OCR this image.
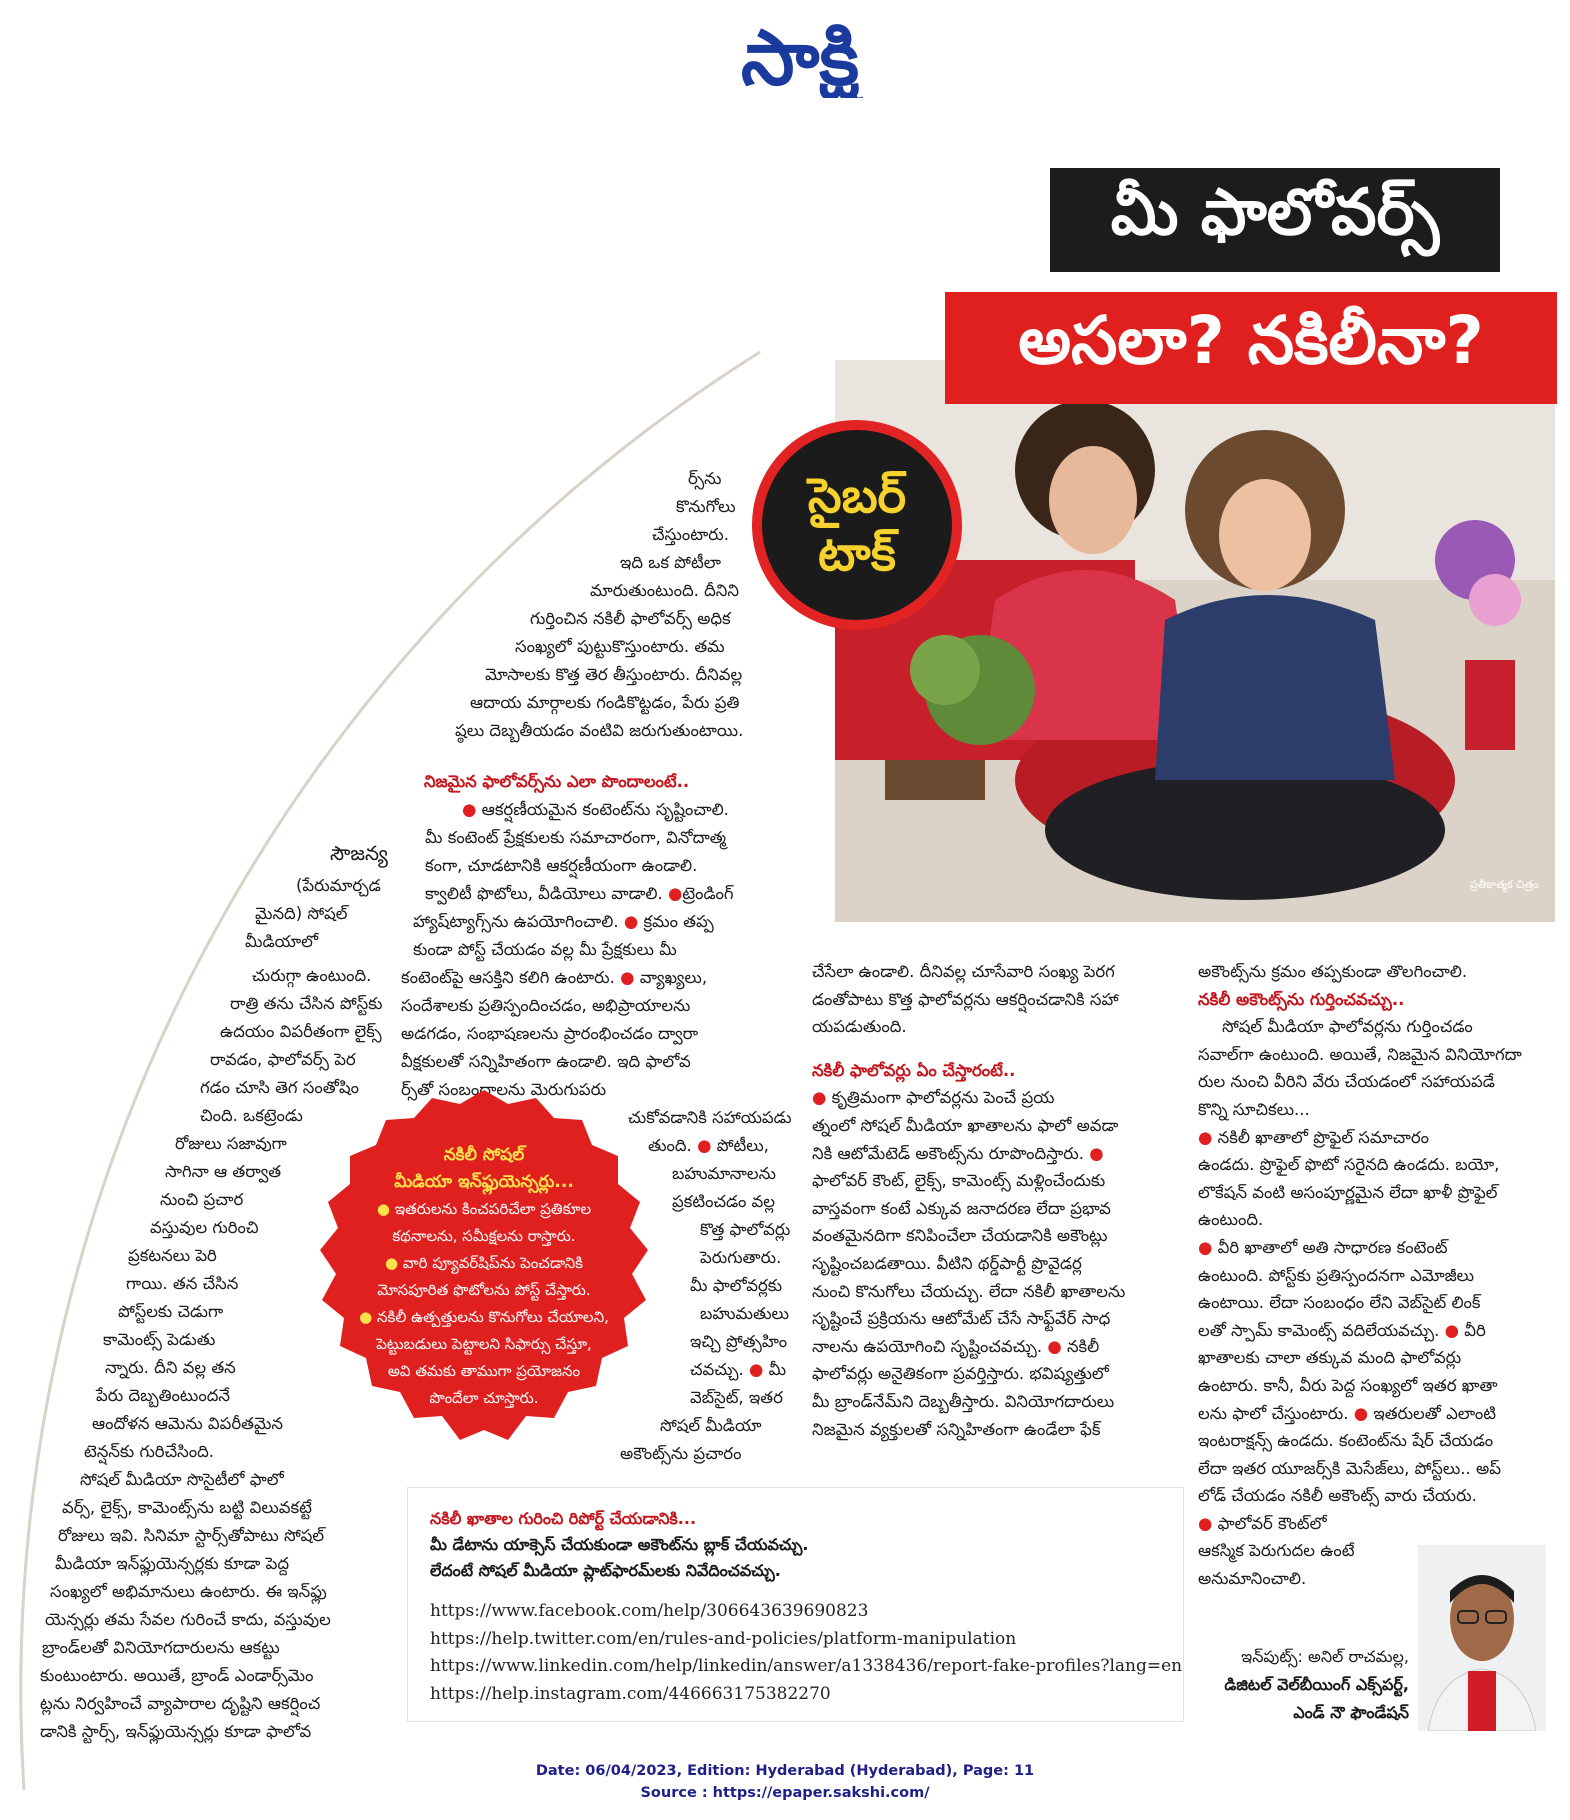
సాక్షి
మీ ఫాలోవర్స్
ప్రతీకాత్మక చిత్రం
అసలా? నకిలీనా?
సైబర్
టాక్

సౌజన్య

(పేరుమార్చడ

మైనది) సోషల్

మీడియాలో

చురుగ్గా ఉంటుంది.

రాత్రి తను చేసిన పోస్ట్‌కు

ఉదయం విపరీతంగా లైక్స్

రావడం, ఫాలోవర్స్ పెర

గడం చూసి తెగ సంతోషిం

చింది. ఒకట్రెండు

రోజులు సజావుగా

సాగినా ఆ తర్వాత

నుంచి ప్రచార

వస్తువుల గురించి

ప్రకటనలు పెరి

గాయి. తన చేసిన

పోస్ట్‌లకు చెడుగా

కామెంట్స్ పెడుతు

న్నారు. దీని వల్ల తన

పేరు దెబ్బతింటుందనే

ఆందోళన ఆమెను విపరీతమైన

టెన్షన్‌కు గురిచేసింది.

సోషల్ మీడియా సొసైటీలో ఫాలో

వర్స్, లైక్స్, కామెంట్స్‌ను బట్టి విలువకట్టే

రోజులు ఇవి. సినిమా స్టార్స్‌తోపాటు సోషల్

మీడియా ఇన్‌ఫ్లుయెన్సర్లకు కూడా పెద్ద

సంఖ్యలో అభిమానులు ఉంటారు. ఈ ఇన్‌ఫ్లు

యెన్సర్లు తమ సేవల గురించే కాదు, వస్తువుల

బ్రాండ్‌లతో వినియోగదారులను ఆకట్టు

కుంటుంటారు. అయితే, బ్రాండ్ ఎండార్స్‌మెం

ట్లను నిర్వహించే వ్యాపారాల దృష్టిని ఆకర్షించ

డానికి స్టార్స్, ఇన్‌ఫ్లుయెన్సర్లు కూడా ఫాలోవ

ర్స్‌ను

కొనుగోలు

చేస్తుంటారు.

ఇది ఒక పోటీలా

మారుతుంటుంది. దీనిని

గుర్తించిన నకిలీ ఫాలోవర్స్ అధిక

సంఖ్యలో పుట్టుకొస్తుంటారు. తమ

మోసాలకు కొత్త తెర తీస్తుంటారు. దీనివల్ల

ఆదాయ మార్గాలకు గండికొట్టడం, పేరు ప్రతి

ష్ఠలు దెబ్బతీయడం వంటివి జరుగుతుంటాయి.

నిజమైన ఫాలోవర్స్‌ను ఎలా పొందాలంటే..

● ఆకర్షణీయమైన కంటెంట్‌ను సృష్టించాలి.

మీ కంటెంట్ ప్రేక్షకులకు సమాచారంగా, వినోదాత్మ

కంగా, చూడటానికి ఆకర్షణీయంగా ఉండాలి.

క్వాలిటీ ఫొటోలు, వీడియోలు వాడాలి. ●ట్రెండింగ్

హ్యాష్‌ట్యాగ్స్‌ను ఉపయోగించాలి. ● క్రమం తప్ప

కుండా పోస్ట్ చేయడం వల్ల మీ ప్రేక్షకులు మీ

కంటెంట్‌పై ఆసక్తిని కలిగి ఉంటారు. ● వ్యాఖ్యలు,

సందేశాలకు ప్రతిస్పందించడం, అభిప్రాయాలను

అడగడం, సంభాషణలను ప్రారంభించడం ద్వారా

వీక్షకులతో సన్నిహితంగా ఉండాలి. ఇది ఫాలోవ

ర్స్‌తో సంబంధాలను మెరుగుపరు

చుకోవడానికి సహాయపడు

తుంది. ● పోటీలు,

బహుమానాలను

ప్రకటించడం వల్ల

కొత్త ఫాలోవర్లు

పెరుగుతారు.

మీ ఫాలోవర్లకు

బహుమతులు

ఇచ్చి ప్రోత్సహిం

చవచ్చు. ● మీ

వెబ్‌సైట్, ఇతర

సోషల్ మీడియా

అకౌంట్స్‌ను ప్రచారం

నకిలీ సోషల్

మీడియా ఇన్‌ఫ్లుయెన్సర్లు...

● ఇతరులను కించపరిచేలా ప్రతికూల

కథనాలను, సమీక్షలను రాస్తారు.

● వారి ప్యూవర్‌షిప్‌ను పెంచడానికి

మోసపూరిత ఫొటోలను పోస్ట్ చేస్తారు.

● నకిలీ ఉత్పత్తులను కొనుగోలు చేయాలని,

పెట్టుబడులు పెట్టాలని సిఫార్సు చేస్తూ,

అవి తమకు తాముగా ప్రయోజనం

పొందేలా చూస్తారు.

చేసేలా ఉండాలి. దీనివల్ల చూసేవారి సంఖ్య పెరగ

డంతోపాటు కొత్త ఫాలోవర్లను ఆకర్షించడానికి సహా

యపడుతుంది.

నకిలీ ఫాలోవర్లు ఏం చేస్తారంటే..

● కృత్రిమంగా ఫాలోవర్లను పెంచే ప్రయ

త్నంలో సోషల్ మీడియా ఖాతాలను ఫాలో అవడా

నికి ఆటోమేటెడ్ అకౌంట్స్‌ను రూపొందిస్తారు. ●

ఫాలోవర్ కౌంట్, లైక్స్, కామెంట్స్ మళ్లించేందుకు

వాస్తవంగా కంటే ఎక్కువ జనాదరణ లేదా ప్రభావ

వంతమైనదిగా కనిపించేలా చేయడానికి అకౌంట్లు

సృష్టించబడతాయి. వీటిని థర్డ్‌పార్టీ ప్రొవైడర్ల

నుంచి కొనుగోలు చేయచ్చు. లేదా నకిలీ ఖాతాలను

సృష్టించే ప్రక్రియను ఆటోమేట్ చేసే సాఫ్ట్‌వేర్ సాధ

నాలను ఉపయోగించి సృష్టించవచ్చు. ● నకిలీ

ఫాలోవర్లు అనైతికంగా ప్రవర్తిస్తారు. భవిష్యత్తులో

మీ బ్రాండ్‌నేమ్‌ని దెబ్బతీస్తారు. వినియోగదారులు

నిజమైన వ్యక్తులతో సన్నిహితంగా ఉండేలా ఫేక్

అకౌంట్స్‌ను క్రమం తప్పకుండా తొలగించాలి.

నకిలీ అకౌంట్స్‌ను గుర్తించవచ్చు..

సోషల్ మీడియా ఫాలోవర్లను గుర్తించడం

సవాల్‌గా ఉంటుంది. అయితే, నిజమైన వినియోగదా

రుల నుంచి వీరిని వేరు చేయడంలో సహాయపడే

కొన్ని సూచికలు...

● నకిలీ ఖాతాలో ప్రొఫైల్ సమాచారం

ఉండదు. ప్రొఫైల్ ఫొటో సరైనది ఉండదు. బయో,

లొకేషన్ వంటి అసంపూర్ణమైన లేదా ఖాళీ ప్రొఫైల్

ఉంటుంది.

● వీరి ఖాతాలో అతి సాధారణ కంటెంట్

ఉంటుంది. పోస్ట్‌కు ప్రతిస్పందనగా ఎమోజీలు

ఉంటాయి. లేదా సంబంధం లేని వెబ్‌సైట్ లింక్

లతో స్పామ్ కామెంట్స్ వదిలేయవచ్చు. ● వీరి

ఖాతాలకు చాలా తక్కువ మంది ఫాలోవర్లు

ఉంటారు. కానీ, వీరు పెద్ద సంఖ్యలో ఇతర ఖాతా

లను ఫాలో చేస్తుంటారు. ● ఇతరులతో ఎలాంటి

ఇంటరాక్షన్స్ ఉండదు. కంటెంట్‌ను షేర్ చేయడం

లేదా ఇతర యూజర్స్‌కి మెసేజ్‌లు, పోస్ట్‌లు.. అప్

లోడ్ చేయడం నకిలీ అకౌంట్స్ వారు చేయరు.

● ఫాలోవర్ కౌంట్‌లో

ఆకస్మిక పెరుగుదల ఉంటే

అనుమానించాలి.

ఇన్‌పుట్స్: అనిల్ రాచమల్ల,

డిజిటల్ వెల్‌బీయింగ్ ఎక్స్‌పర్ట్,

ఎండ్ నౌ ఫౌండేషన్

నకిలీ ఖాతాల గురించి రిపోర్ట్ చేయడానికి...

మీ డేటాను యాక్సెస్ చేయకుండా అకౌంట్‌ను బ్లాక్ చేయవచ్చు.

లేదంటే సోషల్ మీడియా ప్లాట్‌ఫారమ్‌లకు నివేదించవచ్చు.

https://www.facebook.com/help/306643639690823

https://help.twitter.com/en/rules-and-policies/platform-manipulation

https://www.linkedin.com/help/linkedin/answer/a1338436/report-fake-profiles?lang=en

https://help.instagram.com/446663175382270

Date: 06/04/2023, Edition: Hyderabad (Hyderabad), Page: 11

Source : https://epaper.sakshi.com/
